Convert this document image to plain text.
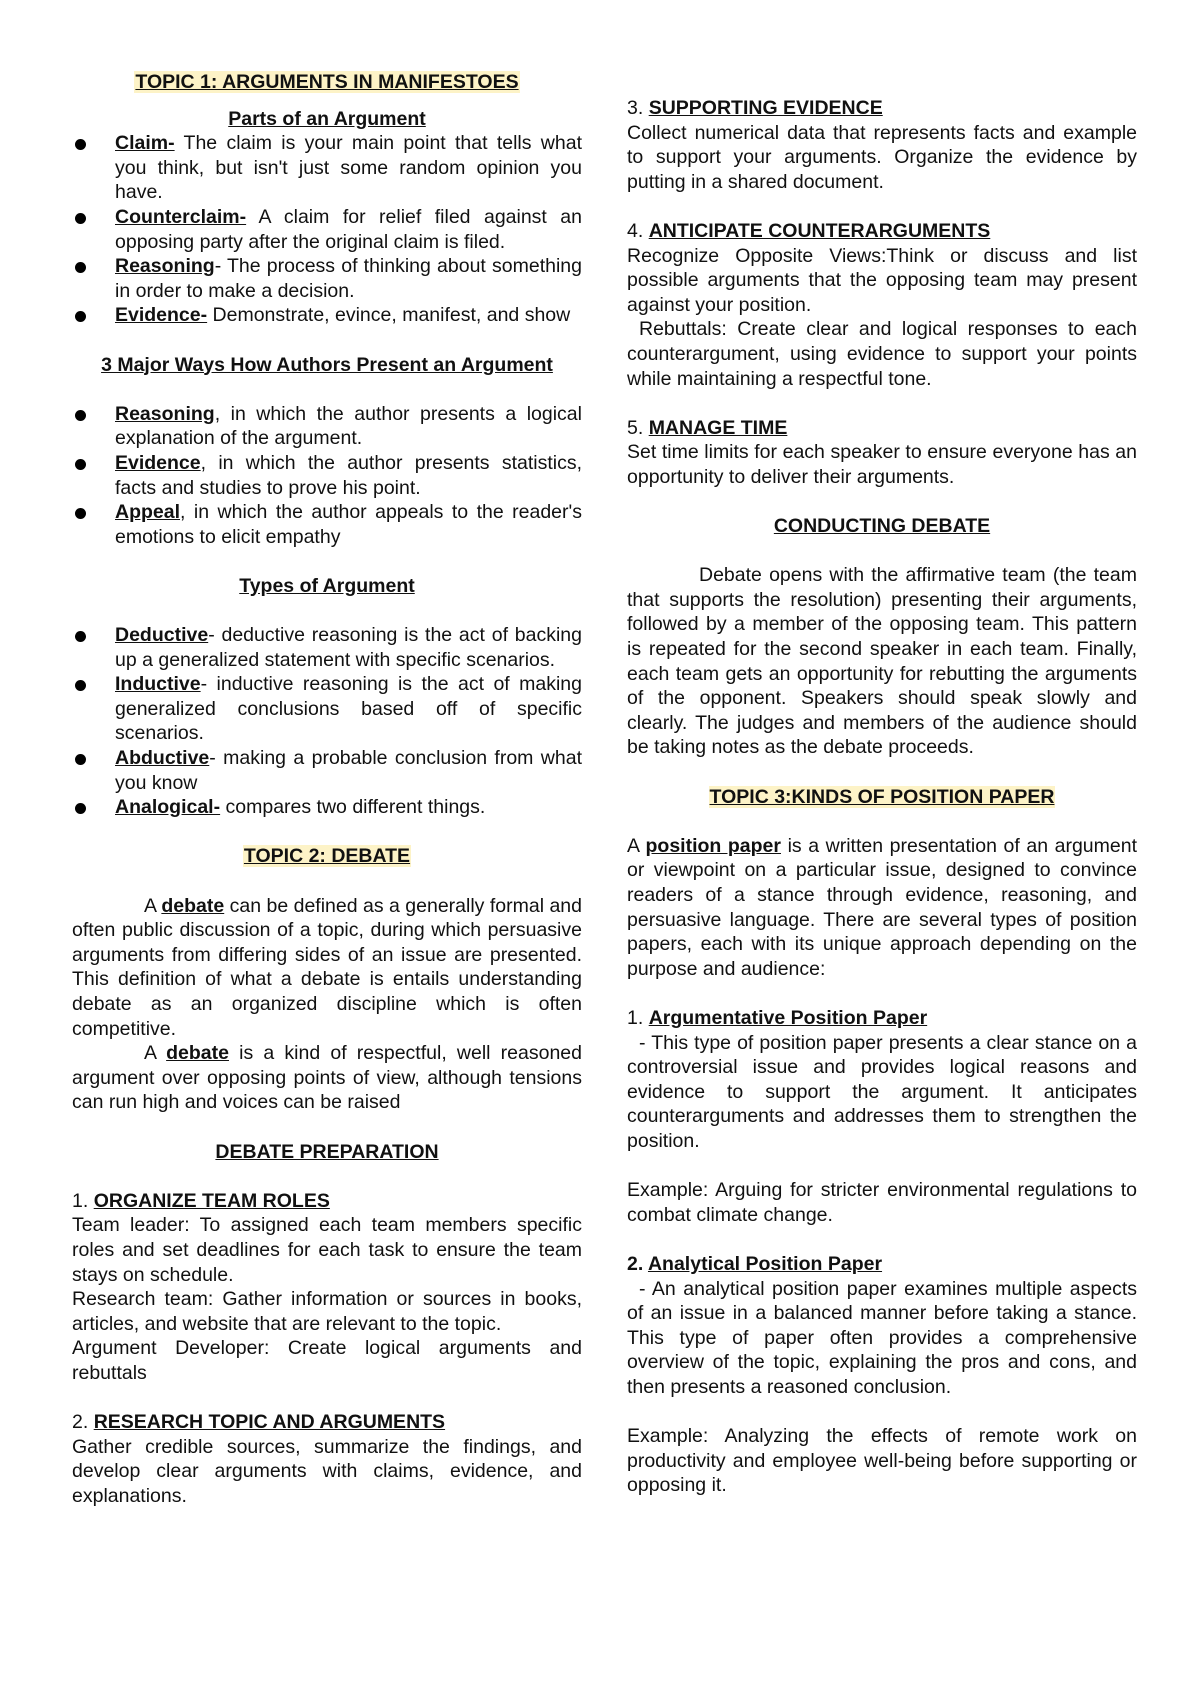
TOPIC 1: ARGUMENTS IN MANIFESTOES

Parts of an Argument

Claim- The claim is your main point that tells what you think, but isn't just some random opinion you have.
Counterclaim- A claim for relief filed against an opposing party after the original claim is filed.
Reasoning- The process of thinking about something in order to make a decision.
Evidence- Demonstrate, evince, manifest, and show

3 Major Ways How Authors Present an Argument

Reasoning, in which the author presents a logical explanation of the argument.
Evidence, in which the author presents statistics, facts and studies to prove his point.
Appeal, in which the author appeals to the reader's emotions to elicit empathy

Types of Argument

Deductive- deductive reasoning is the act of backing up a generalized statement with specific scenarios.
Inductive- inductive reasoning is the act of making generalized conclusions based off of specific scenarios.
Abductive- making a probable conclusion from what you know
Analogical- compares two different things.

TOPIC 2: DEBATE

A debate can be defined as a generally formal and often public discussion of a topic, during which persuasive arguments from differing sides of an issue are presented. This definition of what a debate is entails understanding debate as an organized discipline which is often competitive.

A debate is a kind of respectful, well reasoned argument over opposing points of view, although tensions can run high and voices can be raised

DEBATE PREPARATION

1. ORGANIZE TEAM ROLES

Team leader: To assigned each team members specific roles and set deadlines for each task to ensure the team stays on schedule.

Research team: Gather information or sources in books, articles, and website that are relevant to the topic.

Argument Developer: Create logical arguments and rebuttals

2. RESEARCH TOPIC AND ARGUMENTS

Gather credible sources, summarize the findings, and develop clear arguments with claims, evidence, and explanations.

3. SUPPORTING EVIDENCE

Collect numerical data that represents facts and example to support your arguments. Organize the evidence by putting in a shared document.

4. ANTICIPATE COUNTERARGUMENTS

Recognize Opposite Views:Think or discuss and list possible arguments that the opposing team may present against your position.

Rebuttals: Create clear and logical responses to each counterargument, using evidence to support your points while maintaining a respectful tone.

5. MANAGE TIME

Set time limits for each speaker to ensure everyone has an opportunity to deliver their arguments.

CONDUCTING DEBATE

Debate opens with the affirmative team (the team that supports the resolution) presenting their arguments, followed by a member of the opposing team. This pattern is repeated for the second speaker in each team. Finally, each team gets an opportunity for rebutting the arguments of the opponent. Speakers should speak slowly and clearly. The judges and members of the audience should be taking notes as the debate proceeds.

TOPIC 3:KINDS OF POSITION PAPER

A position paper is a written presentation of an argument or viewpoint on a particular issue, designed to convince readers of a stance through evidence, reasoning, and persuasive language. There are several types of position papers, each with its unique approach depending on the purpose and audience:

1. Argumentative Position Paper

- This type of position paper presents a clear stance on a controversial issue and provides logical reasons and evidence to support the argument. It anticipates counterarguments and addresses them to strengthen the position.

Example: Arguing for stricter environmental regulations to combat climate change.

2. Analytical Position Paper

- An analytical position paper examines multiple aspects of an issue in a balanced manner before taking a stance. This type of paper often provides a comprehensive overview of the topic, explaining the pros and cons, and then presents a reasoned conclusion.

Example: Analyzing the effects of remote work on productivity and employee well-being before supporting or opposing it.
